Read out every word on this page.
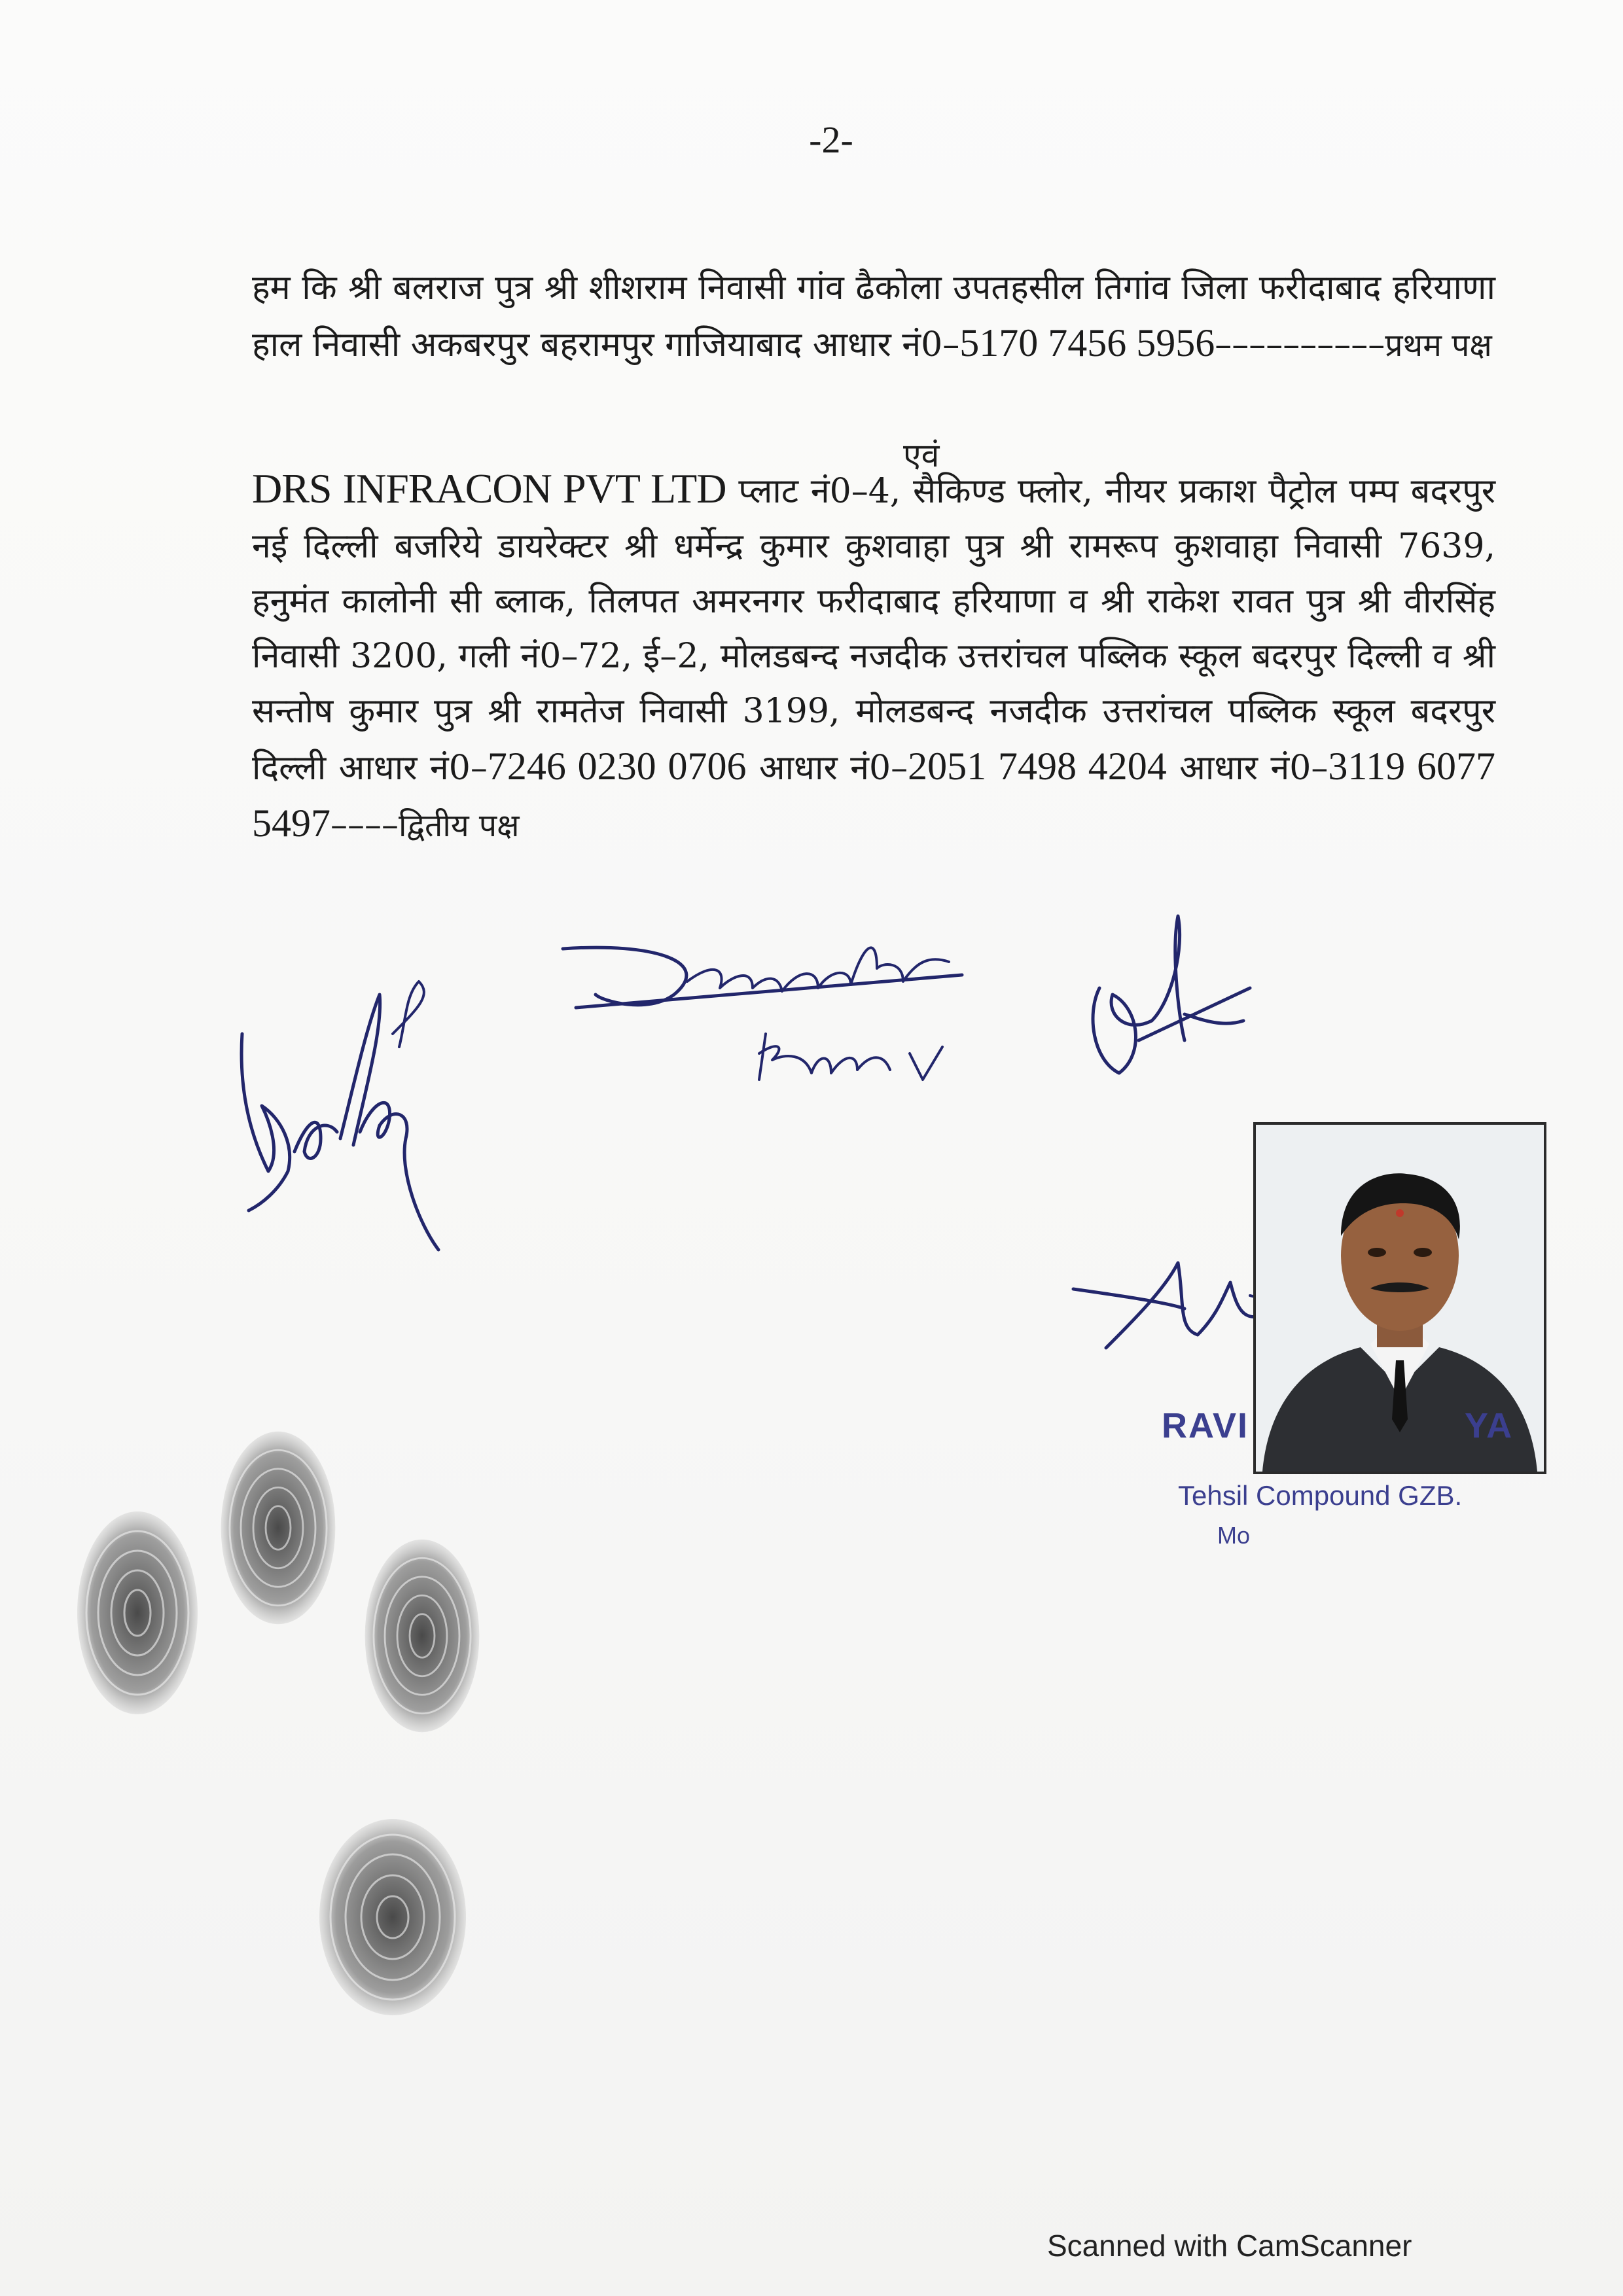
-2-

हम कि श्री बलराज पुत्र श्री शीशराम निवासी गांव ढैकोला उपतहसील तिगांव जिला फरीदाबाद हरियाणा हाल निवासी अकबरपुर बहरामपुर गाजियाबाद आधार नं0–5170 7456 5956––––––––––प्रथम पक्ष

एवं

DRS INFRACON PVT LTD प्लाट नं0–4, सैकिण्ड फ्लोर, नीयर प्रकाश पैट्रोल पम्प बदरपुर नई दिल्ली बजरिये डायरेक्टर श्री धर्मेन्द्र कुमार कुशवाहा पुत्र श्री रामरूप कुशवाहा निवासी 7639, हनुमंत कालोनी सी ब्लाक, तिलपत अमरनगर फरीदाबाद हरियाणा व श्री राकेश रावत पुत्र श्री वीरसिंह निवासी 3200, गली नं0–72, ई–2, मोलडबन्द नजदीक उत्तरांचल पब्लिक स्कूल बदरपुर दिल्ली व श्री सन्तोष कुमार पुत्र श्री रामतेज निवासी 3199, मोलडबन्द नजदीक उत्तरांचल पब्लिक स्कूल बदरपुर दिल्ली आधार नं0–7246 0230 0706 आधार नं0–2051 7498 4204 आधार नं0–3119 6077 5497––––द्वितीय पक्ष

RAVI	YA
Tehsil Compound GZB.
Mo
Scanned with CamScanner
